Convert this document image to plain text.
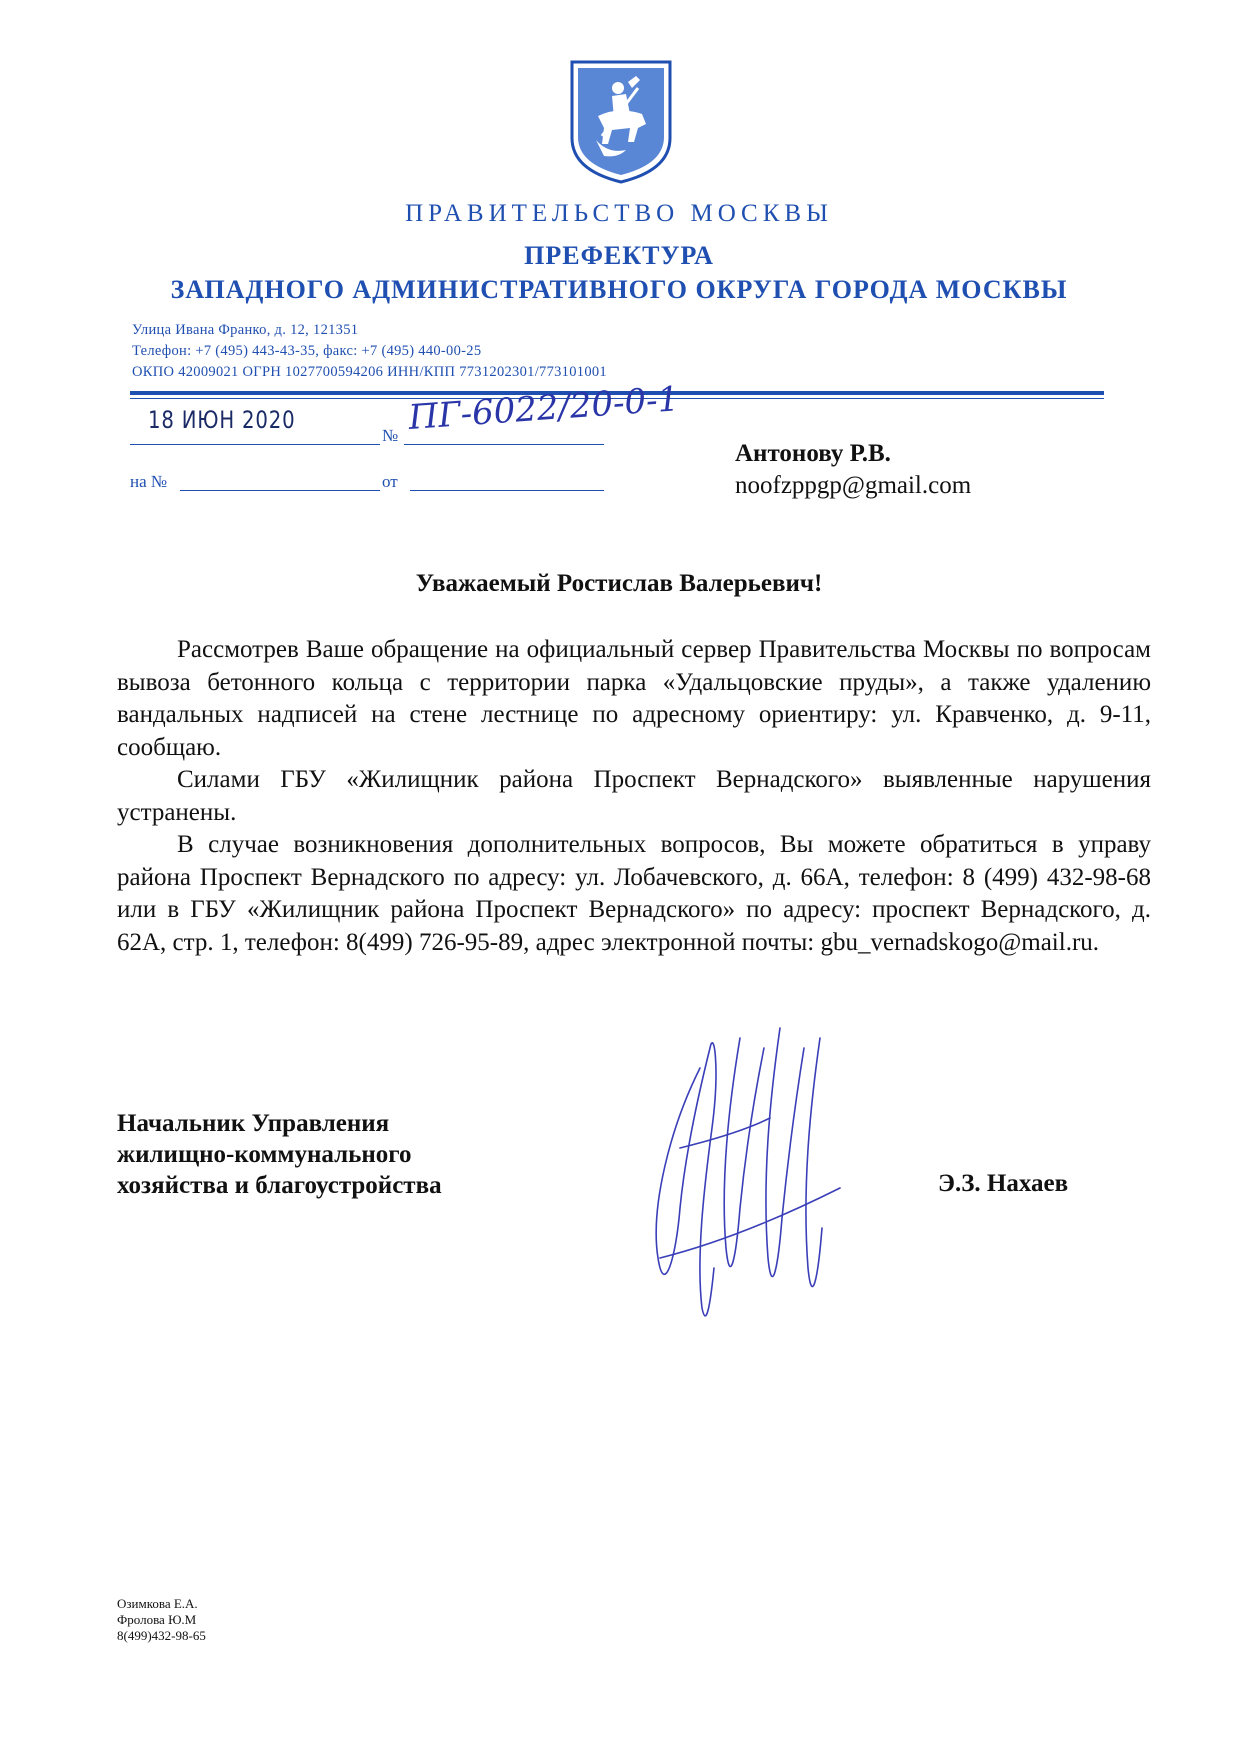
ПРАВИТЕЛЬСТВО МОСКВЫ
ПРЕФЕКТУРА
ЗАПАДНОГО АДМИНИСТРАТИВНОГО ОКРУГА ГОРОДА МОСКВЫ
Улица Ивана Франко, д. 12, 121351
Телефон: +7 (495) 443-43-35, факс: +7 (495) 440-00-25
ОКПО 42009021 ОГРН 1027700594206 ИНН/КПП 7731202301/773101001
18 ИЮН 2020
№ ПГ-6022/20-0-1
на №	от
Антонову Р.В.
noofzppgp@gmail.com
Уважаемый Ростислав Валерьевич!

Рассмотрев Ваше обращение на официальный сервер Правительства Москвы по вопросам вывоза бетонного кольца с территории парка «Удальцовские пруды», а также удалению вандальных надписей на стене лестнице по адресному ориентиру: ул. Кравченко, д. 9-11, сообщаю.

Силами ГБУ «Жилищник района Проспект Вернадского» выявленные нарушения устранены.

В случае возникновения дополнительных вопросов, Вы можете обратиться в управу района Проспект Вернадского по адресу: ул. Лобачевского, д. 66А, телефон: 8 (499) 432-98-68 или в ГБУ «Жилищник района Проспект Вернадского» по адресу: проспект Вернадского, д. 62А, стр. 1, телефон: 8(499) 726-95-89, адрес электронной почты: gbu_vernadskogo@mail.ru.

Начальник Управления
жилищно-коммунального
хозяйства и благоустройства	Э.З. Нахаев
Озимкова Е.А.
Фролова Ю.М
8(499)432-98-65
